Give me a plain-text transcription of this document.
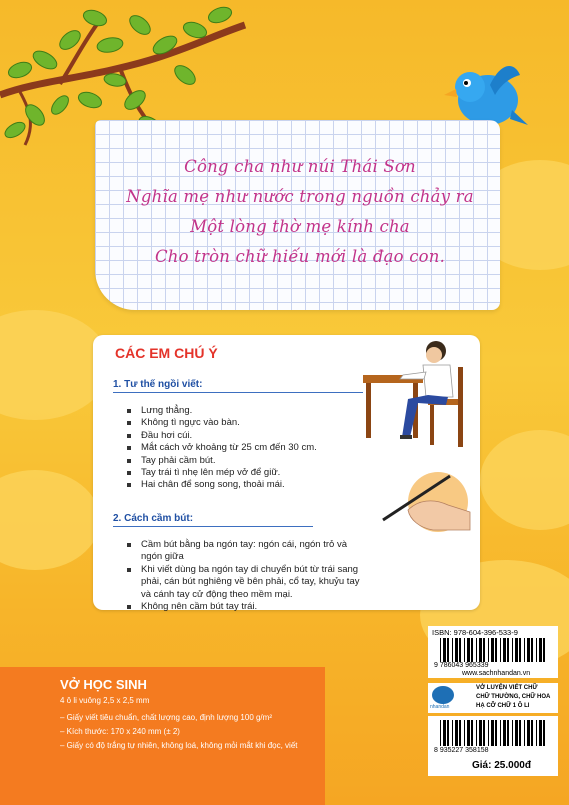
Công cha như núi Thái Sơn
Nghĩa mẹ như nước trong nguồn chảy ra
Một lòng thờ mẹ kính cha
Cho tròn chữ hiếu mới là đạo con.
CÁC EM CHÚ Ý
1. Tư thế ngồi viết:
Lưng thẳng.
Không tì ngực vào bàn.
Đầu hơi cúi.
Mắt cách vở khoảng từ 25 cm đến 30 cm.
Tay phải cầm bút.
Tay trái tì nhẹ lên mép vở để giữ.
Hai chân để song song, thoải mái.
2. Cách cầm bút:
Cầm bút bằng ba ngón tay: ngón cái, ngón trỏ và ngón giữa
Khi viết dùng ba ngón tay di chuyển bút từ trái sang phải, cán bút nghiêng về bên phải, cổ tay, khuỷu tay và cánh tay cử động theo mềm mại.
Không nên cầm bút tay trái.
VỞ HỌC SINH
4 ô li vuông 2,5 x 2,5 mm
– Giấy viết tiêu chuẩn, chất lượng cao, định lượng 100 g/m²
– Kích thước: 170 x 240 mm (± 2)
– Giấy có độ trắng tự nhiên, không loá, không mỏi mắt khi đọc, viết
ISBN: 978-604-396-533-9
9 786043 965339
www.sachnhandan.vn
nhandan
VỞ LUYỆN VIẾT CHỮ
CHỮ THƯỜNG, CHỮ HOA
HẠ CỠ CHỮ 1 Ô LI
8 935227 358158
Giá: 25.000đ
